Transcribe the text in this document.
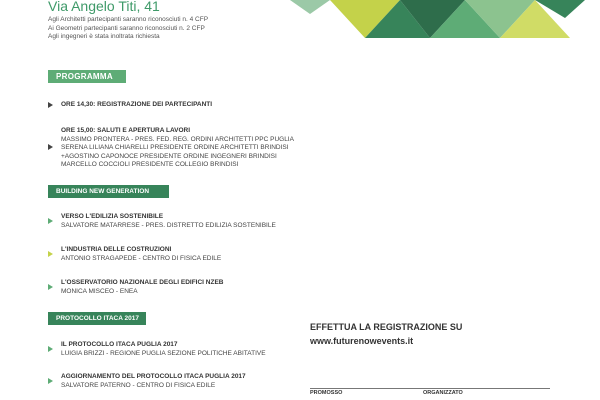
Via Angelo Titi, 41
Agli Architetti partecipanti saranno riconosciuti n. 4 CFP
Ai Geometri partecipanti saranno riconosciuti n. 2 CFP
Agli ingegneri è stata inoltrata richiesta
PROGRAMMA
ORE 14,30: REGISTRAZIONE DEI PARTECIPANTI
ORE 15,00: SALUTI E APERTURA LAVORI
MASSIMO PRONTERA - PRES. FED. REG. ORDINI ARCHITETTI PPC PUGLIA
SERENA LILIANA CHIARELLI PRESIDENTE ORDINE ARCHITETTI BRINDISI
+AGOSTINO CAPONOCE PRESIDENTE ORDINE INGEGNERI BRINDISI
MARCELLO COCCIOLI PRESIDENTE COLLEGIO BRINDISI
BUILDING NEW GENERATION
VERSO L'EDILIZIA SOSTENIBILE
SALVATORE MATARRESE - PRES. DISTRETTO EDILIZIA SOSTENIBILE
L'INDUSTRIA DELLE COSTRUZIONI
ANTONIO STRAGAPEDE - CENTRO DI FISICA EDILE
L'OSSERVATORIO NAZIONALE DEGLI EDIFICI NZEB
MONICA MISCEO - ENEA
PROTOCOLLO ITACA 2017
IL PROTOCOLLO ITACA PUGLIA 2017
LUIGIA BRIZZI - REGIONE PUGLIA SEZIONE POLITICHE ABITATIVE
AGGIORNAMENTO DEL PROTOCOLLO ITACA PUGLIA 2017
SALVATORE PATERNO - CENTRO DI FISICA EDILE
EFFETTUA LA REGISTRAZIONE SU
www.futurenowevents.it
PROMOSSO	ORGANIZZATO
